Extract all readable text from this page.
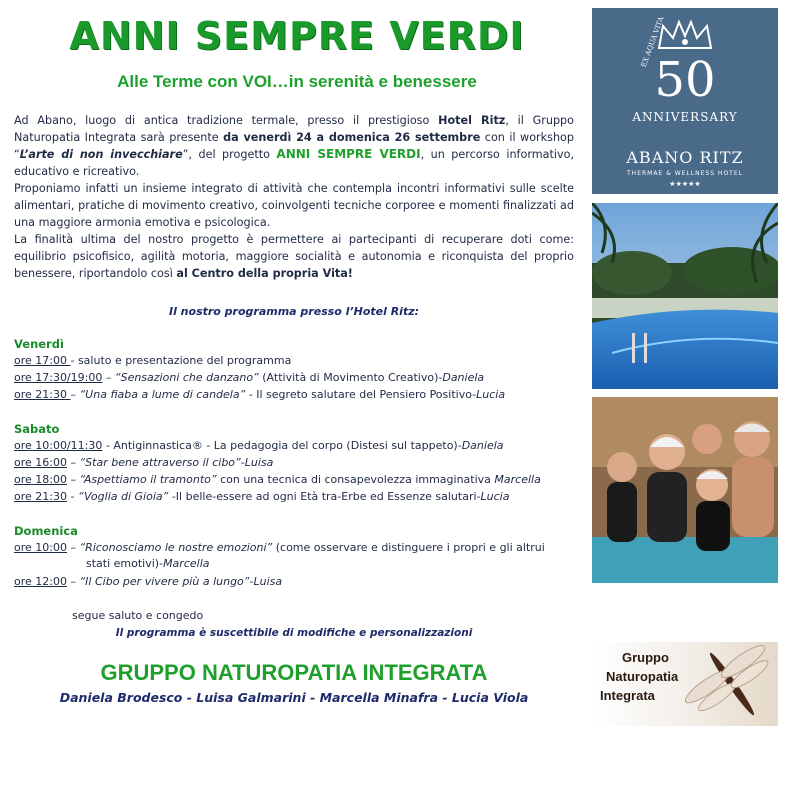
ANNI SEMPRE VERDI
Alle Terme con VOI…in serenità e benessere
Ad Abano, luogo di antica tradizione termale, presso il prestigioso Hotel Ritz, il Gruppo Naturopatia Integrata sarà presente da venerdì 24 a domenica 26 settembre con il workshop “L’arte di non invecchiare”, del progetto ANNI SEMPRE VERDI, un percorso informativo, educativo e ricreativo.
Proponiamo infatti un insieme integrato di attività che contempla incontri informativi sulle scelte alimentari, pratiche di movimento creativo, coinvolgenti tecniche corporee e momenti finalizzati ad una maggiore armonia emotiva e psicologica.
La finalità ultima del nostro progetto è permettere ai partecipanti di recuperare doti come: equilibrio psicofisico, agilità motoria, maggiore socialità e autonomia e riconquista del proprio benessere, riportandolo così al Centro della propria Vita!
Il nostro programma presso l’Hotel Ritz:
Venerdì
ore 17:00 - saluto e presentazione del programma
ore 17:30/19:00 – “Sensazioni che danzano” (Attività di Movimento Creativo)-Daniela
ore 21:30 – “Una fiaba a lume di candela” - Il segreto salutare del Pensiero Positivo-Lucia
Sabato
ore 10:00/11:30 - Antiginnastica® - La pedagogia del corpo (Distesi sul tappeto)-Daniela
ore 16:00 – “Star bene attraverso il cibo”-Luisa
ore 18:00 – “Aspettiamo il tramonto” con una tecnica di consapevolezza immaginativa Marcella
ore 21:30 - “Voglia di Gioia” -Il belle-essere ad ogni Età tra-Erbe ed Essenze salutari-Lucia
Domenica
ore 10:00 – “Riconosciamo le nostre emozioni” (come osservare e distinguere i propri e gli altrui
stati emotivi)-Marcella
ore 12:00 – “Il Cibo per vivere più a lungo”-Luisa
segue saluto e congedo
Il programma è suscettibile di modifiche e personalizzazioni
GRUPPO NATUROPATIA INTEGRATA
Daniela Brodesco - Luisa Galmarini - Marcella Minafra - Lucia Viola
50
ANNIVERSARY
EX AQUA VITA
ABANO RITZ
THERMAE & WELLNESS HOTEL
★★★★★
Gruppo
Naturopatia
Integrata
